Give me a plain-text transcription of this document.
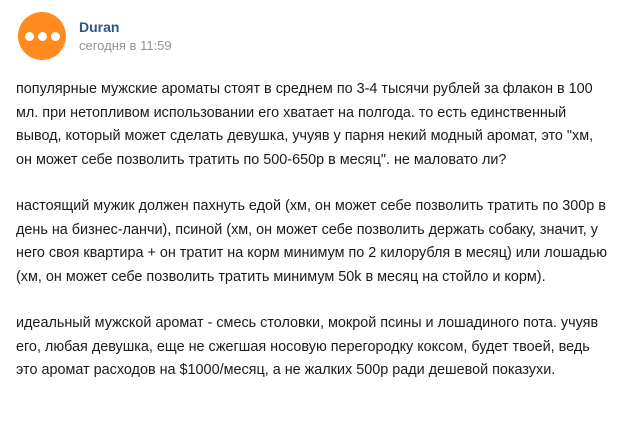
Duran
сегодня в 11:59

популярные мужские ароматы стоят в среднем по 3-4 тысячи рублей за флакон в 100 мл. при нетопливом использовании его хватает на полгода. то есть единственный вывод, который может сделать девушка, учуяв у парня некий модный аромат, это "хм, он может себе позволить тратить по 500-650р в месяц". не маловато ли?

настоящий мужик должен пахнуть едой (хм, он может себе позволить тратить по 300р в день на бизнес-ланчи), псиной (хм, он может себе позволить держать собаку, значит, у него своя квартира + он тратит на корм минимум по 2 килорубля в месяц) или лошадью (хм, он может себе позволить тратить минимум 50k в месяц на стойло и корм).

идеальный мужской аромат - смесь столовки, мокрой псины и лошадиного пота. учуяв его, любая девушка, еще не сжегшая носовую перегородку коксом, будет твоей, ведь это аромат расходов на $1000/месяц, а не жалких 500р ради дешевой показухи.
